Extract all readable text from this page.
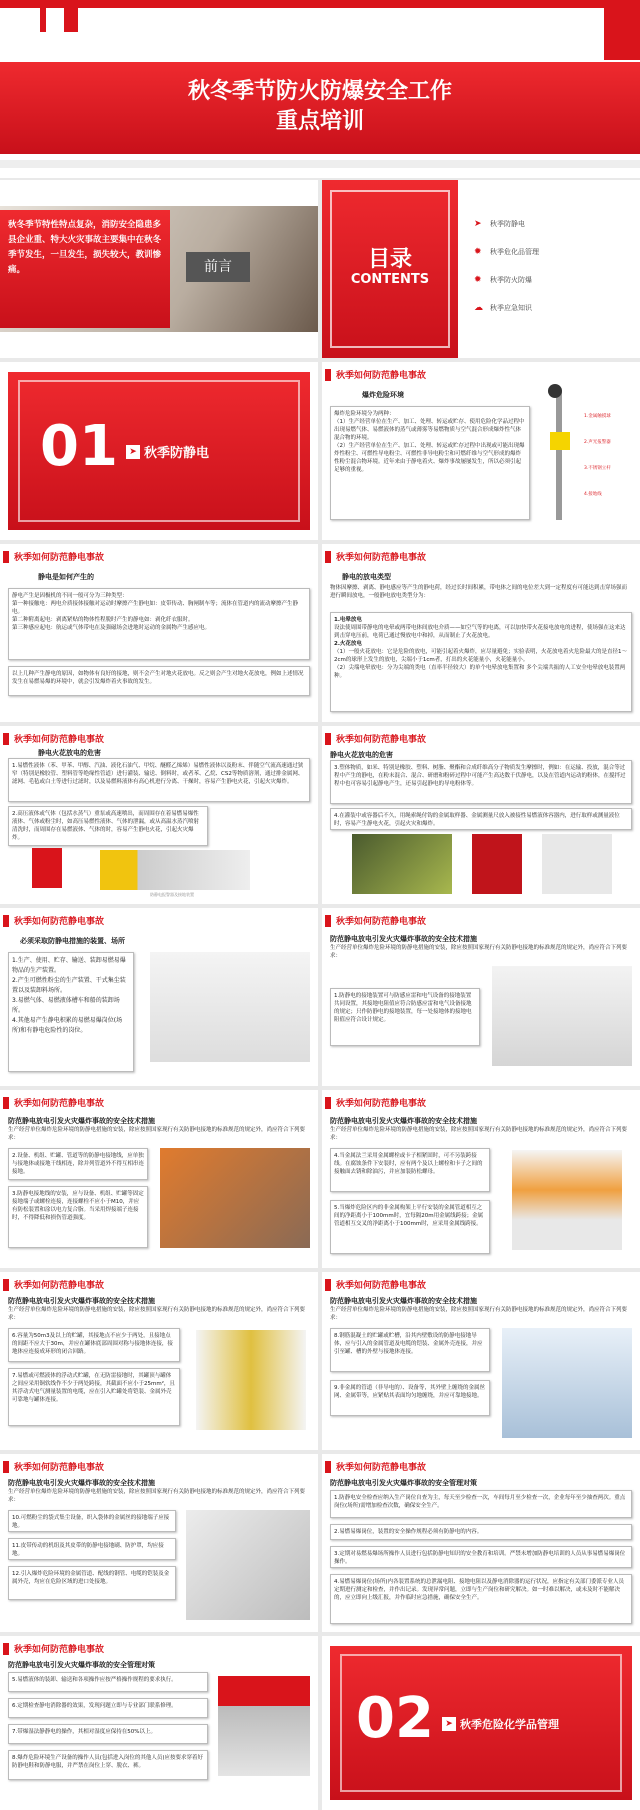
秋冬季节防火防爆安全工作
重点培训
秋冬季节特性特点复杂，消防安全隐患多县企业重、特大火灾事故主要集中在秋冬季节发生，一旦发生，损失较大，教训惨痛。	前言	目录
CONTENTS
➤	秋季防静电
✹	秋季危化品管理
✹	秋季防火防爆
☁	秋季应急知识
01	➤ 秋季防静电
秋季如何防范静电事故
爆炸危险环境
爆炸危险环境分为两种：
（1）生产经营单位在生产、加工、处理、转运或贮存、使用危险化学品过程中出现易燃气体、易燃液体的蒸气或薄雾等易燃物质与空气混合形成爆炸性气体混合物的环境。
（2）生产经营单位在生产、加工、处理、转运或贮存过程中出现或可能出现爆炸性粉尘、可燃性导电粉尘、可燃性非导电粉尘和可燃纤维与空气形成的爆炸性粉尘混合物环境。近年来由于静电着火、爆炸事故屡屡发生，所以必须引起足够的重视。
1.金属触摸球
2.声光报警器
3.不锈钢立杆
4.接地线
秋季如何防范静电事故
静电是如何产生的
静电产生是因极机的不同一般可分为三种类型：
第一种接触电：两电介质接体接触对运动时摩擦产生静电如：皮带传动、胸闸制车等；流体在管道内的流动摩擦产生静电。
第二种附离起电：剥离紧贴的物体性程脱时产生的静电如：剥化纤衣服时。
第三种感应起电：航运或气体带电在及强磁场会进地时运动的金属物产生感应电。
以上几种产生静电的原因，如物体有良好的接地，则不会产生对地火花放电。反之则会产生对地火花放电，例如上述情况发生在易燃易爆的环境中，就会引发爆炸着火事故的发生。
秋季如何防范静电事故
静电的放电类型
物体因摩擦、剥离、静电感应等产生的静电荷，经过长时间积累，带电体之间的电位差大到一定程度有可能达到击穿场强而进行瞬间放电，一般静电放电类型分为：
1.电晕放电
设法使周围带静电的电晕或两带电体间放电介质——如空气等的电离，可以加快带火花接电放电的进程，使场强在这来达到击穿电压前，电荷已通过慢放电中和掉，从而制止了火花放电。
2.火花放电
（1）一般火花放电：它是危险的放电，可能引起着火爆炸，应尽量避免；实验表明，火花放电着火危险最大的是直径1～2cm的球形上发生的放电，尖端小于1cm者，打出的火花能量小，火花能量小。
（2）尖端电晕放电：分为尖端的类电（直率半径较大）的单个电晕放电集置和 多个尖端共振的人工安全电晕放电装置两种。
秋季如何防范静电事故
静电火花放电的危害
1.易燃性液体（苯、甲苯、甲醇、汽油、液化石油气、甲烷、醚醛乙烯烯）易燃性液体以及粉末、伴随空气流高速通过狭窄（特别是橡胶管、塑料管等绝缘性管道）进行灌装、输送、倒料时，或者苯、乙烷、CS2等物质溶剂，通过排金属网、滤网、毛毡或白土等进行过滤时，以及易燃料液体有高心机进行分离、干燥时，容易产生静电火花，引起火灾爆炸。
2.高压液体或气体（包括水蒸气）重泵或高速喷出，而周围存在着易燃易爆性液体、气体或粉尘时，如高压易燃性液体、气体的泄漏，或从高温水蒸汽喷射清洗时，而周围存在易燃液体、气体的时，容易产生静电火花，引起火灾爆炸。
防静电报警器及接地装置
秋季如何防范静电事故
静电火花放电的危害
3.塑体物质，如米、特别是橡胶、塑料、树脂、聚酯和合成纤维高分子物质发生摩擦时，例如：在运输、投放，混合等过程中产生的静电，在粉末混合、混合、研磨和粉碎过程中可能产生高达数千伏静电，以及在管道内运动的粉体，在搅拌过程中也可容易引起静电产生，还易引起静电的导电粉体等。
4.在灌装中或容器后不久，用绳索绳付钩的金属取样器、金属测量尺放入被接性易燃液体容器内，进行取样或测量液位时，容易产生静电火花，引起火灾和爆炸。
秋季如何防范静电事故
必须采取防静电措施的装置、场所
1.生产、使用、贮存、输送、装卸易燃易爆物品的生产装置。
2.产生可燃性粉尘的生产装置、干式集尘装置以及装卸料场所。
3.易燃气体、易燃液体槽车和船的装卸场所。
4.其他易产生静电积累的易燃易爆岗位(场所)和有静电危险性的岗位。
秋季如何防范静电事故
防范静电放电引发火灾爆炸事故的安全技术措施
生产经营单位爆炸危险环境的防静电措施的安装，除应按照国家现行有关防静电接地的标准规范的规定外，尚应符合下列要求：
1.防静电的接地装置可与防感应雷和电气设备的接地装置共同设置，其接地电阻值应符合防感应雷和电气设备接地的规定；只作防静电的接地装置，每一处接地体的接地电阻值应符合设计规定。
秋季如何防范静电事故
防范静电放电引发火灾爆炸事故的安全技术措施
生产经营单位爆炸危险环境的防静电措施的安装，除应按照国家现行有关防静电接地的标准规范的规定外，尚应符合下列要求：
2.设备、机组、贮罐、管道等的防静电接地线，应单独与接地体或接地干线相连，除并列管道外不得互相串连接地。
3.防静电接地线的安装，应与设备、机组、贮罐等固定接地端子或螺栓连接，连接螺栓不应小于M10，并应有防松装置和涂以电力复合脂。当采用焊接端子连接时，不得降低和损伤管道强度。
秋季如何防范静电事故
防范静电放电引发火灾爆炸事故的安全技术措施
生产经营单位爆炸危险环境的防静电措施的安装，除应按照国家现行有关防静电接地的标准规范的规定外，尚应符合下列要求：
4.当金属法兰采用金属螺栓或卡子相紧固时，可不另装跨接线。在腐蚀条件下安装时，应有两个及以上螺栓和卡子之间的接触面去锈和除油污，并应加装防松螺母。
5.当爆炸危险区内的非金属构架上平行安装的金属管道相互之间的净距离小于100mm时，宜每隔20m用金属线跨接；金属管道相互交叉的净距离小于100mm时，应采用金属线跨接。
秋季如何防范静电事故
防范静电放电引发火灾爆炸事故的安全技术措施
生产经营单位爆炸危险环境的防静电措施的安装，除应按照国家现行有关防静电接地的标准规范的规定外，尚应符合下列要求：
6.容量为50m3及以上的贮罐，其接地点不应少于两处，且接地点的间距不应大于30m，并应在罐体底部周围对称与接地体连接，接地体应连接成环形的闭合回路。
7.易燃或可燃液体的浮动式贮罐，在无防雷接地时，其罐顶与罐体之间应采用铜软线作不少于两处跨接，其截面不应小于25mm²，且其浮动式电气测量装置的电缆，应在引入贮罐处将铠装、金属外壳可靠地与罐体连接。
秋季如何防范静电事故
防范静电放电引发火灾爆炸事故的安全技术措施
生产经营单位爆炸危险环境的防静电措施的安装，除应按照国家现行有关防静电接地的标准规范的规定外，尚应符合下列要求：
8.钢筋混凝土的贮罐或贮槽，沿其内壁敷设的防静电接地导体，应与引入的金属管道及电缆的铠装、金属外壳连接，并应引至罐、槽的外壁与接地体连接。
9.非金属的管道（非导电的）、设备等，其外壁上缠绕的金属丝网、金属带等，应紧贴其表面均匀地缠绕，并应可靠地接地。
秋季如何防范静电事故
防范静电放电引发火灾爆炸事故的安全技术措施
生产经营单位爆炸危险环境的防静电措施的安装，除应按照国家现行有关防静电接地的标准规范的规定外，尚应符合下列要求：
10.可燃粉尘的袋式集尘设备，织入袋体的金属丝的接地端子应接地。
11.皮带传动的机组及其皮带的防静电接地刷、防护罩，均应接地。
12.引入爆炸危险环境的金属管道、配线的钢管、电缆的铠装及金属外壳，均应在危险区域的进口处接地。
秋季如何防范静电事故
防范静电放电引发火灾爆炸事故的安全管理对策
1.防静电安全检查应纳入生产岗位自查为主，每天至少检查一次，车间每月至少检查一次，企业每年至少抽查两次。重点岗位(场所)需增加检查次数，确保安全生产。
2.易燃易爆岗位，装置的安全操作规程必须有防静电的内容。
3.定期对易燃易爆场所操作人员进行包括防静电知识的安全教育和培训。严禁未增加防静电培训的人员从事易燃易爆岗位操作。
4.易燃易爆岗位(场所)内各装置系统的总泄漏电阻、接地电阻以及静电消除器的运行状况，应指定有关部门委派专业人员定期进行测定和检查，并作出记录。发现异常问题，立即与生产岗位和研究解决。如一时难以解决，或未及时不能解决的，应立即向上级汇报，并作临时应急措施，确保安全生产。
秋季如何防范静电事故
防范静电放电引发火灾爆炸事故的安全管理对策
5.易燃液体的装卸、输送和各项操作应按严格操作规程的要求执行。
6.定期检查静电消除器的效果，发现问题立即与专业部门联系修理。
7.带爆湿法静静电的操作，其相对湿度应保持在50%以上。
8.爆炸危险环境生产设备的操作人员(包括进入岗位的其他人员)应按要求穿着好防静电鞋和防静电服，并严禁在岗位上穿、脱衣、裤。
02	➤ 秋季危险化学品管理
